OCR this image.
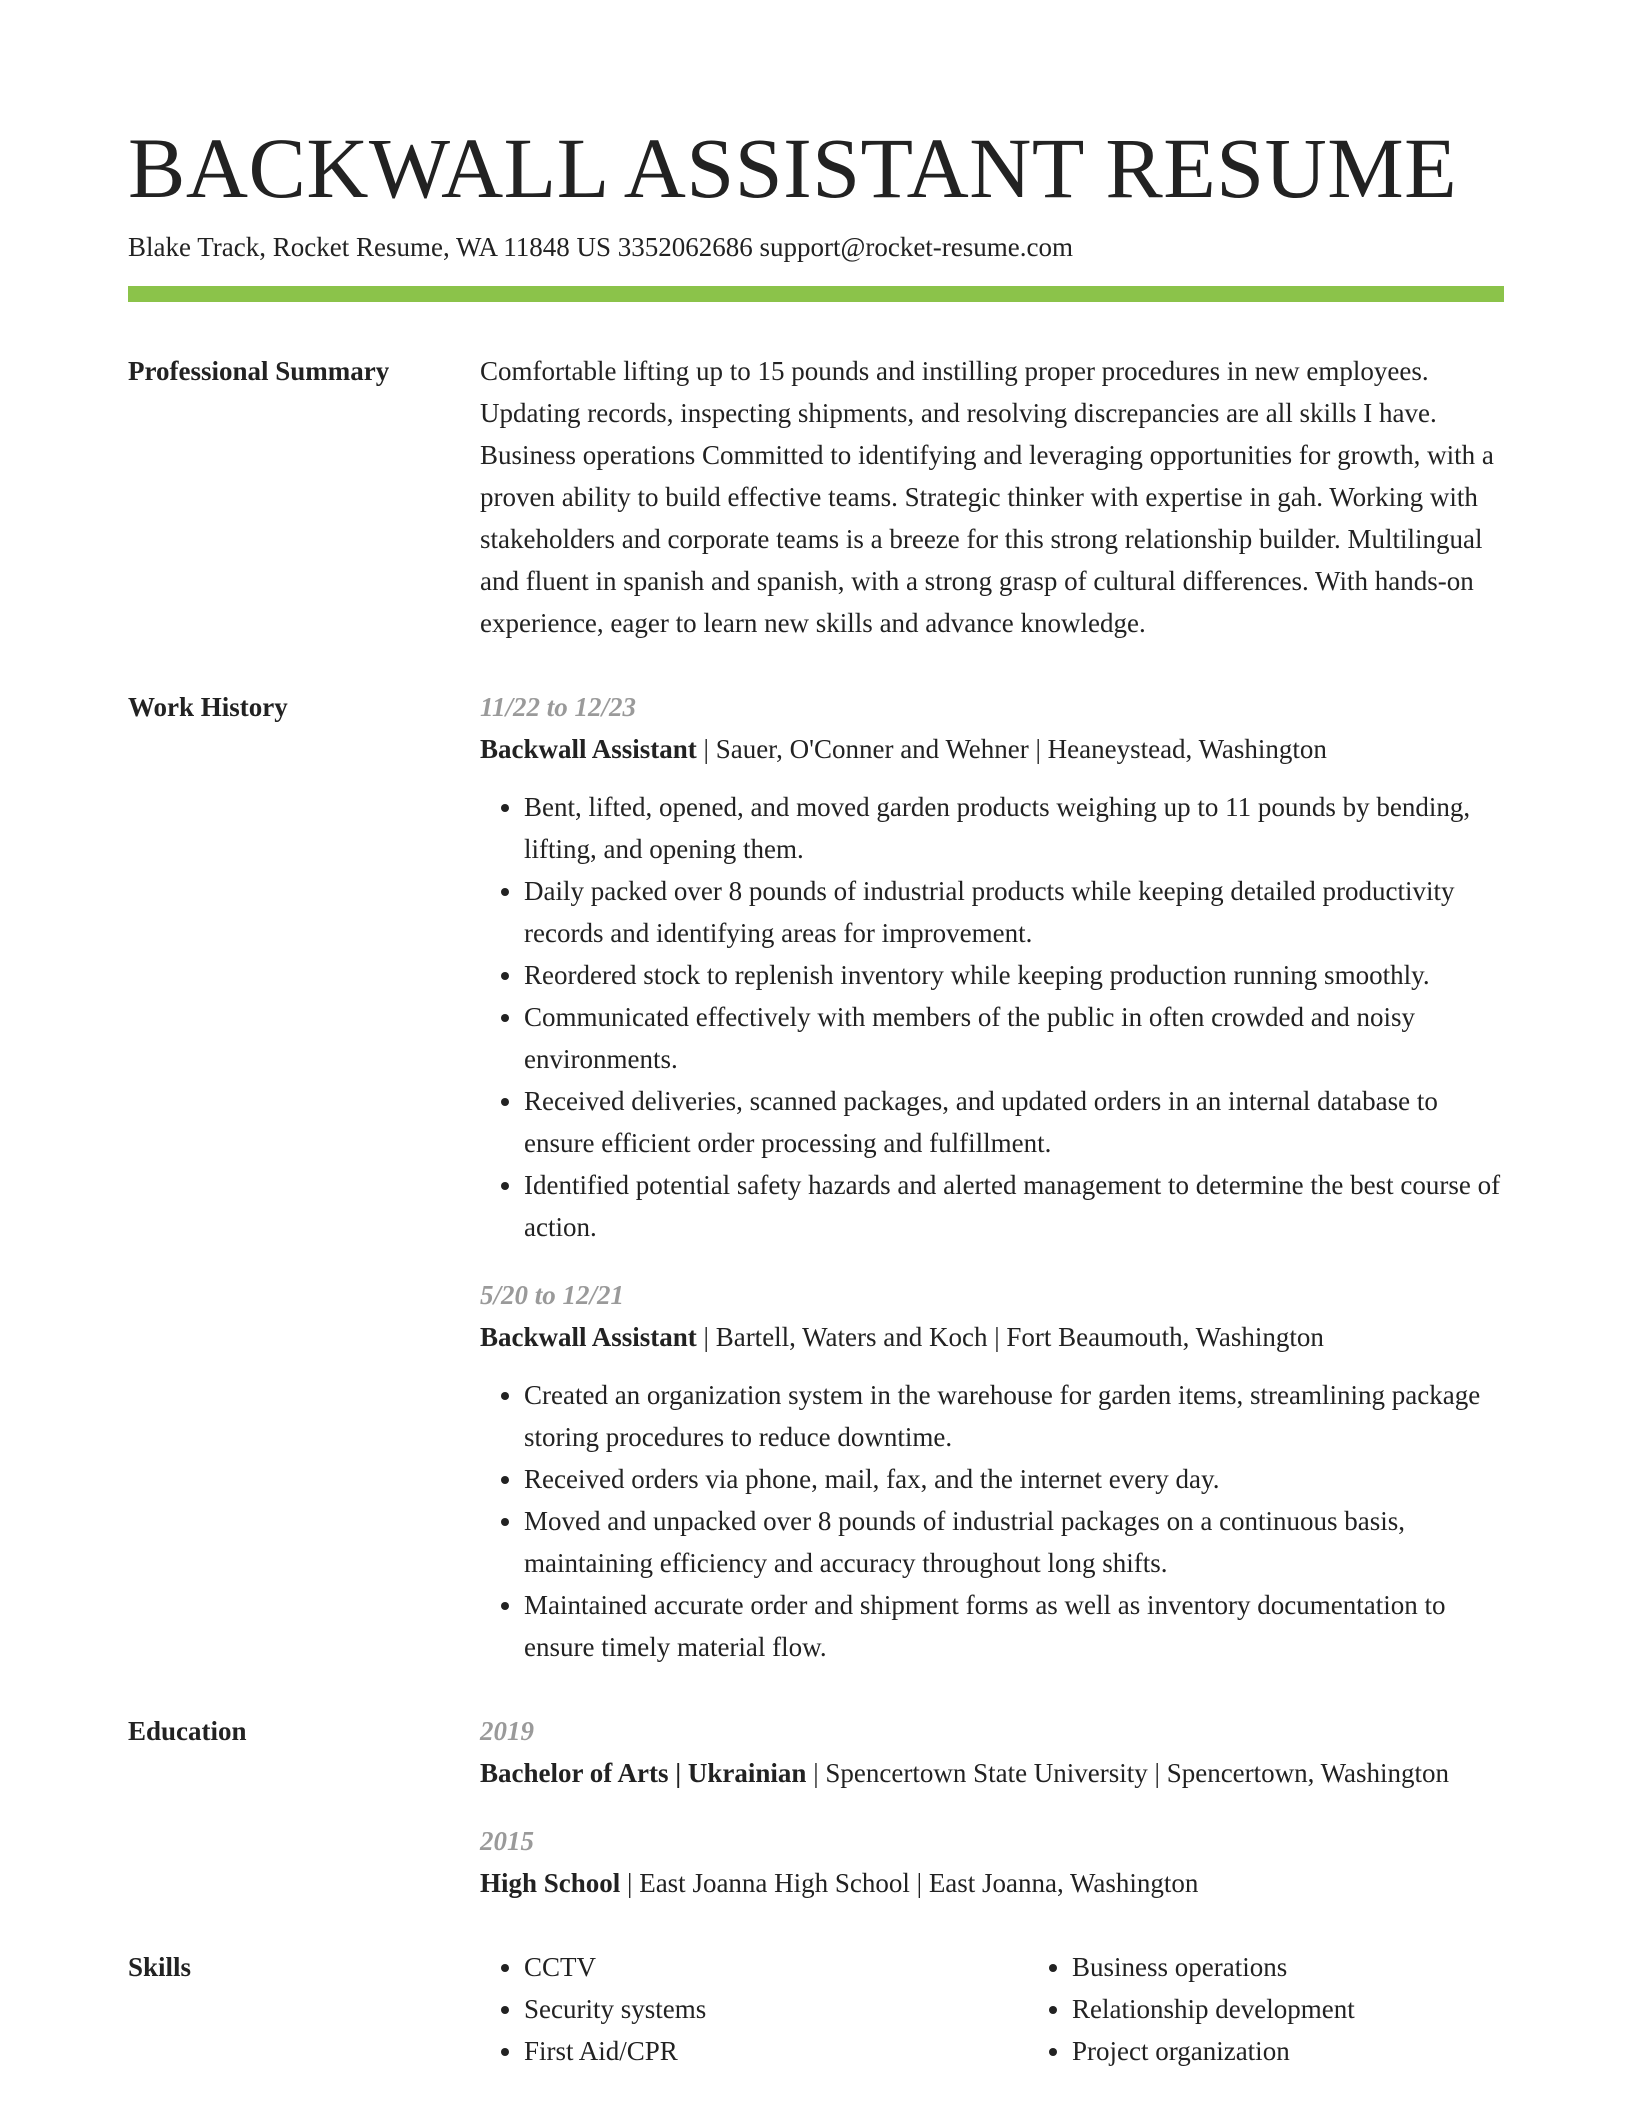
BACKWALL ASSISTANT RESUME
Blake Track, Rocket Resume, WA 11848 US 3352062686 support@rocket-resume.com
Professional Summary	Comfortable lifting up to 15 pounds and instilling proper procedures in new employees. Updating records, inspecting shipments, and resolving discrepancies are all skills I have. Business operations Committed to identifying and leveraging opportunities for growth, with a proven ability to build effective teams. Strategic thinker with expertise in gah. Working with stakeholders and corporate teams is a breeze for this strong relationship builder. Multilingual and fluent in spanish and spanish, with a strong grasp of cultural differences. With hands-on experience, eager to learn new skills and advance knowledge.

Work History	11/22 to 12/23
Backwall Assistant | Sauer, O'Conner and Wehner | Heaneystead, Washington
• Bent, lifted, opened, and moved garden products weighing up to 11 pounds by bending, lifting, and opening them.
• Daily packed over 8 pounds of industrial products while keeping detailed productivity records and identifying areas for improvement.
• Reordered stock to replenish inventory while keeping production running smoothly.
• Communicated effectively with members of the public in often crowded and noisy environments.
• Received deliveries, scanned packages, and updated orders in an internal database to ensure efficient order processing and fulfillment.
• Identified potential safety hazards and alerted management to determine the best course of action.
5/20 to 12/21
Backwall Assistant | Bartell, Waters and Koch | Fort Beaumouth, Washington
• Created an organization system in the warehouse for garden items, streamlining package storing procedures to reduce downtime.
• Received orders via phone, mail, fax, and the internet every day.
• Moved and unpacked over 8 pounds of industrial packages on a continuous basis, maintaining efficiency and accuracy throughout long shifts.
• Maintained accurate order and shipment forms as well as inventory documentation to ensure timely material flow.
Education	2019
Bachelor of Arts | Ukrainian | Spencertown State University | Spencertown, Washington
2015
High School | East Joanna High School | East Joanna, Washington
Skills
•	CCTV
• Security systems
• First Aid/CPR
• Business operations
• Relationship development
• Project organization
